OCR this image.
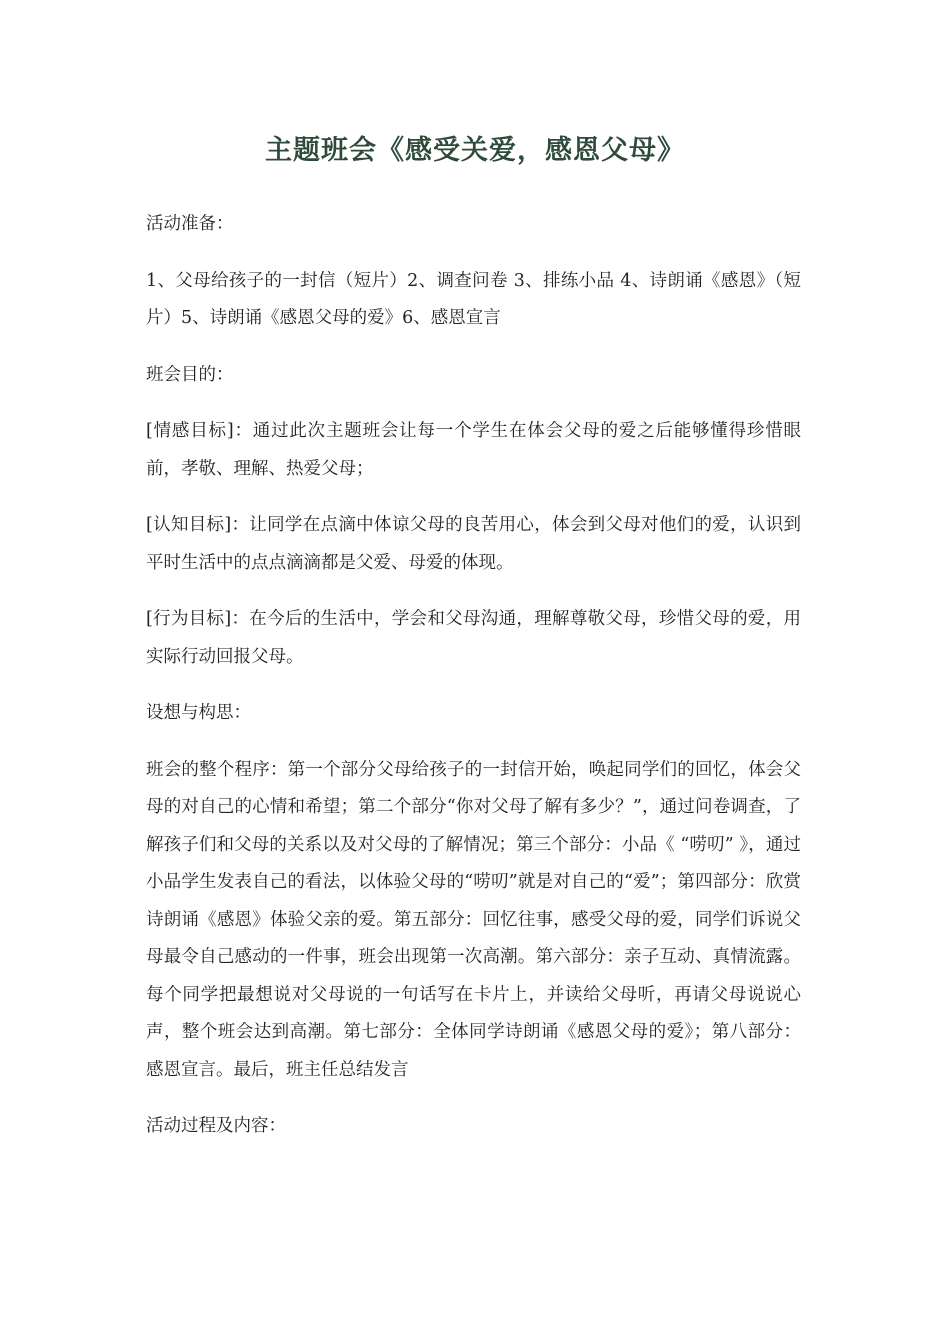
主题班会《感受关爱，感恩父母》

活动准备：

1、父母给孩子的一封信（短片）2、调查问卷 3、排练小品 4、诗朗诵《感恩》（短片）5、诗朗诵《感恩父母的爱》6、感恩宣言

班会目的：

[情感目标]：通过此次主题班会让每一个学生在体会父母的爱之后能够懂得珍惜眼前，孝敬、理解、热爱父母；

[认知目标]：让同学在点滴中体谅父母的良苦用心，体会到父母对他们的爱，认识到平时生活中的点点滴滴都是父爱、母爱的体现。

[行为目标]：在今后的生活中，学会和父母沟通，理解尊敬父母，珍惜父母的爱，用实际行动回报父母。

设想与构思：

班会的整个程序：第一个部分父母给孩子的一封信开始，唤起同学们的回忆，体会父母的对自己的心情和希望；第二个部分“你对父母了解有多少？”，通过问卷调查，了解孩子们和父母的关系以及对父母的了解情况；第三个部分：小品《 “唠叨” 》，通过小品学生发表自己的看法，以体验父母的“唠叨”就是对自己的“爱”；第四部分：欣赏诗朗诵《感恩》体验父亲的爱。第五部分：回忆往事，感受父母的爱，同学们诉说父母最令自己感动的一件事，班会出现第一次高潮。第六部分：亲子互动、真情流露。每个同学把最想说对父母说的一句话写在卡片上，并读给父母听，再请父母说说心声，整个班会达到高潮。第七部分：全体同学诗朗诵《感恩父母的爱》；第八部分：感恩宣言。最后，班主任总结发言

活动过程及内容：
